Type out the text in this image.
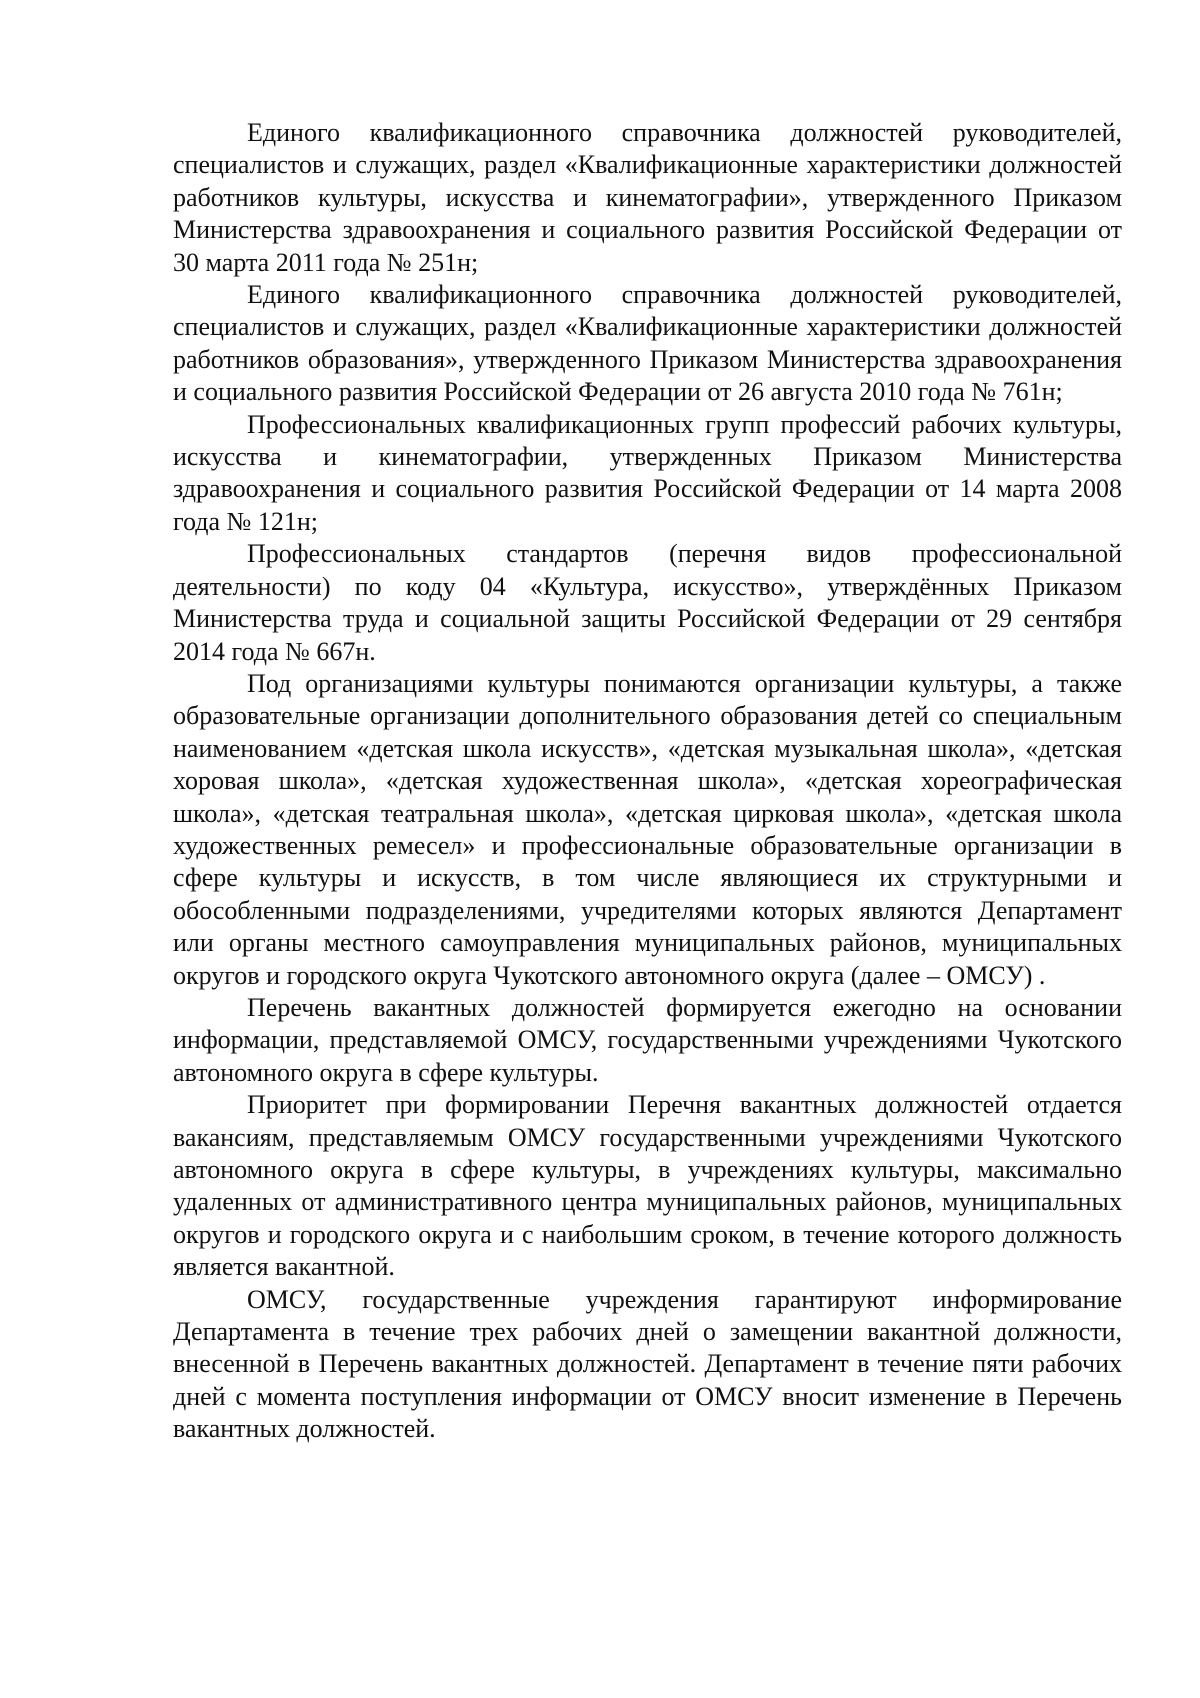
Единого квалификационного справочника должностей руководителей, специалистов и служащих, раздел «Квалификационные характеристики должностей работников культуры, искусства и кинематографии», утвержденного Приказом Министерства здравоохранения и социального развития Российской Федерации от 30 марта 2011 года № 251н;

Единого квалификационного справочника должностей руководителей, специалистов и служащих, раздел «Квалификационные характеристики должностей работников образования», утвержденного Приказом Министерства здравоохранения и социального развития Российской Федерации от 26 августа 2010 года № 761н;

Профессиональных квалификационных групп профессий рабочих культуры, искусства и кинематографии, утвержденных Приказом Министерства здравоохранения и социального развития Российской Федерации от 14 марта 2008 года № 121н;

Профессиональных стандартов (перечня видов профессиональной деятельности) по коду 04 «Культура, искусство», утверждённых Приказом Министерства труда и социальной защиты Российской Федерации от 29 сентября 2014 года № 667н.

Под организациями культуры понимаются организации культуры, а также образовательные организации дополнительного образования детей со специальным наименованием «детская школа искусств», «детская музыкальная школа», «детская хоровая школа», «детская художественная школа», «детская хореографическая школа», «детская театральная школа», «детская цирковая школа», «детская школа художественных ремесел» и профессиональные образовательные организации в сфере культуры и искусств, в том числе являющиеся их структурными и обособленными подразделениями, учредителями которых являются Департамент или органы местного самоуправления муниципальных районов, муниципальных округов и городского округа Чукотского автономного округа (далее – ОМСУ) .

Перечень вакантных должностей формируется ежегодно на основании информации, представляемой ОМСУ, государственными учреждениями Чукотского автономного округа в сфере культуры.

Приоритет при формировании Перечня вакантных должностей отдается вакансиям, представляемым ОМСУ государственными учреждениями Чукотского автономного округа в сфере культуры, в учреждениях культуры, максимально удаленных от административного центра муниципальных районов, муниципальных округов и городского округа и с наибольшим сроком, в течение которого должность является вакантной.

ОМСУ, государственные учреждения гарантируют информирование Департамента в течение трех рабочих дней о замещении вакантной должности, внесенной в Перечень вакантных должностей. Департамент в течение пяти рабочих дней с момента поступления информации от ОМСУ вносит изменение в Перечень вакантных должностей.
